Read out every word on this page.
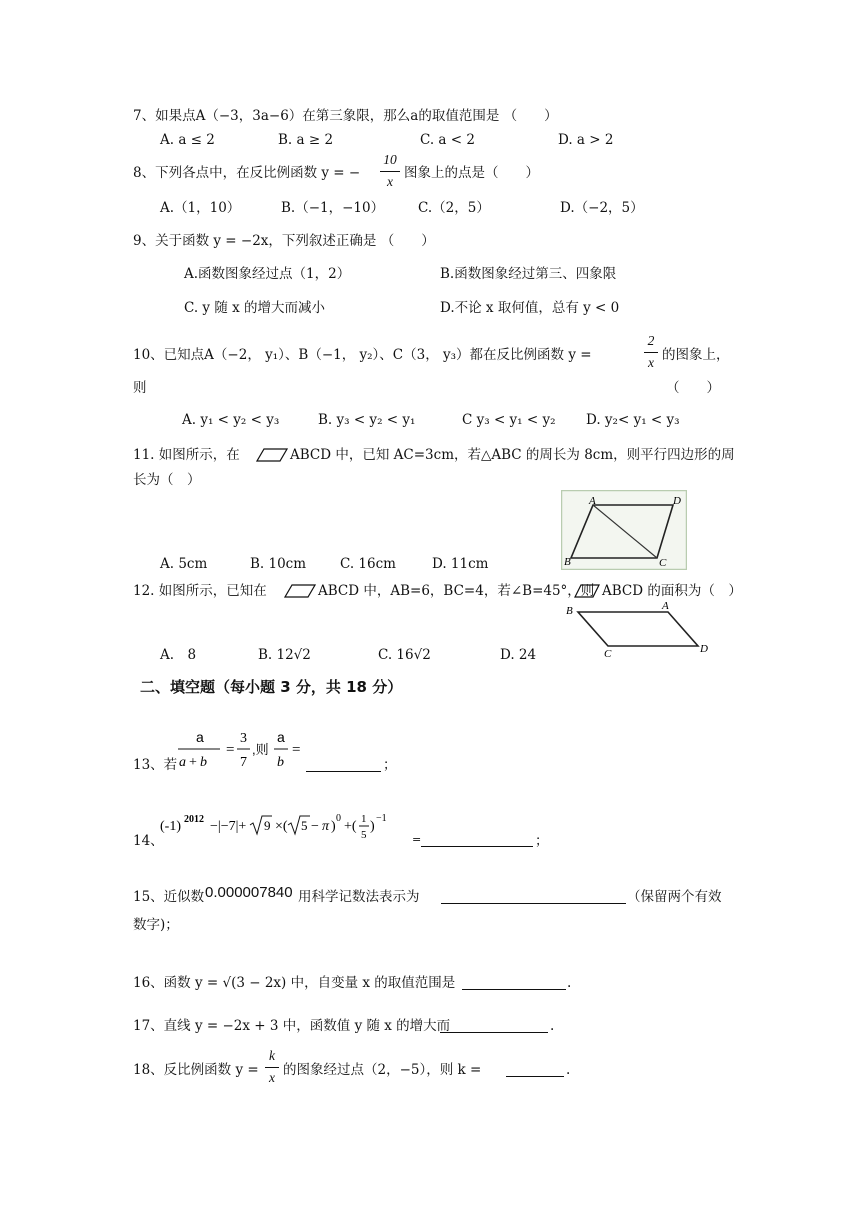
7、如果点A（−3，3a−6）在第三象限，那么a的取值范围是 （　　）
A. a ≤ 2	B. a ≥ 2	C. a < 2	D. a > 2
8、下列各点中，在反比例函数 y = −
10
x
图象上的点是（　　）
A.（1，10）	B.（−1，−10）	C.（2，5）	D.（−2，5）
9、关于函数 y = −2x，下列叙述正确是 （　　）
A.函数图象经过点（1，2）	B.函数图象经过第三、四象限
C. y 随 x 的增大而减小	D.不论 x 取何值，总有 y < 0
10、已知点A（−2， y₁）、B（−1， y₂）、C（3， y₃）都在反比例函数 y =
2
x 的图象上，
则	（　　）
A. y₁ < y₂ < y₃	B. y₃ < y₂ < y₁	C y₃ < y₁ < y₂ D. y₂< y₁ < y₃
11. 如图所示，在	ABCD 中，已知 AC=3cm，若△ABC 的周长为 8cm，则平行四边形的周
长为（　）
A. 5cm	B. 10cm	C. 16cm	D. 11cm
A	D
B	C
12. 如图所示，已知在	ABCD 中，AB=6，BC=4，若∠B=45°，则 ABCD 的面积为（　）
A.　8	B. 12√2	C. 16√2	D. 24
B	A
C	D
二、填空题（每小题 3 分，共 18 分）
13、若
a
a + b
=
3
7
,则
a
b
=
；
14、
(-1) 2012 −|−7|+ 9 ×( 5 − π )
0
+( 1
5
)
−1
=	；
15、近似数 0.000007840 用科学记数法表示为	（保留两个有效
数字)；
16、函数 y = √(3 − 2x) 中，自变量 x 的取值范围是	.
17、直线 y = −2x + 3 中，函数值 y 随 x 的增大而	.
18、反比例函数 y =
k
x 的图象经过点（2，−5），则 k =	.
